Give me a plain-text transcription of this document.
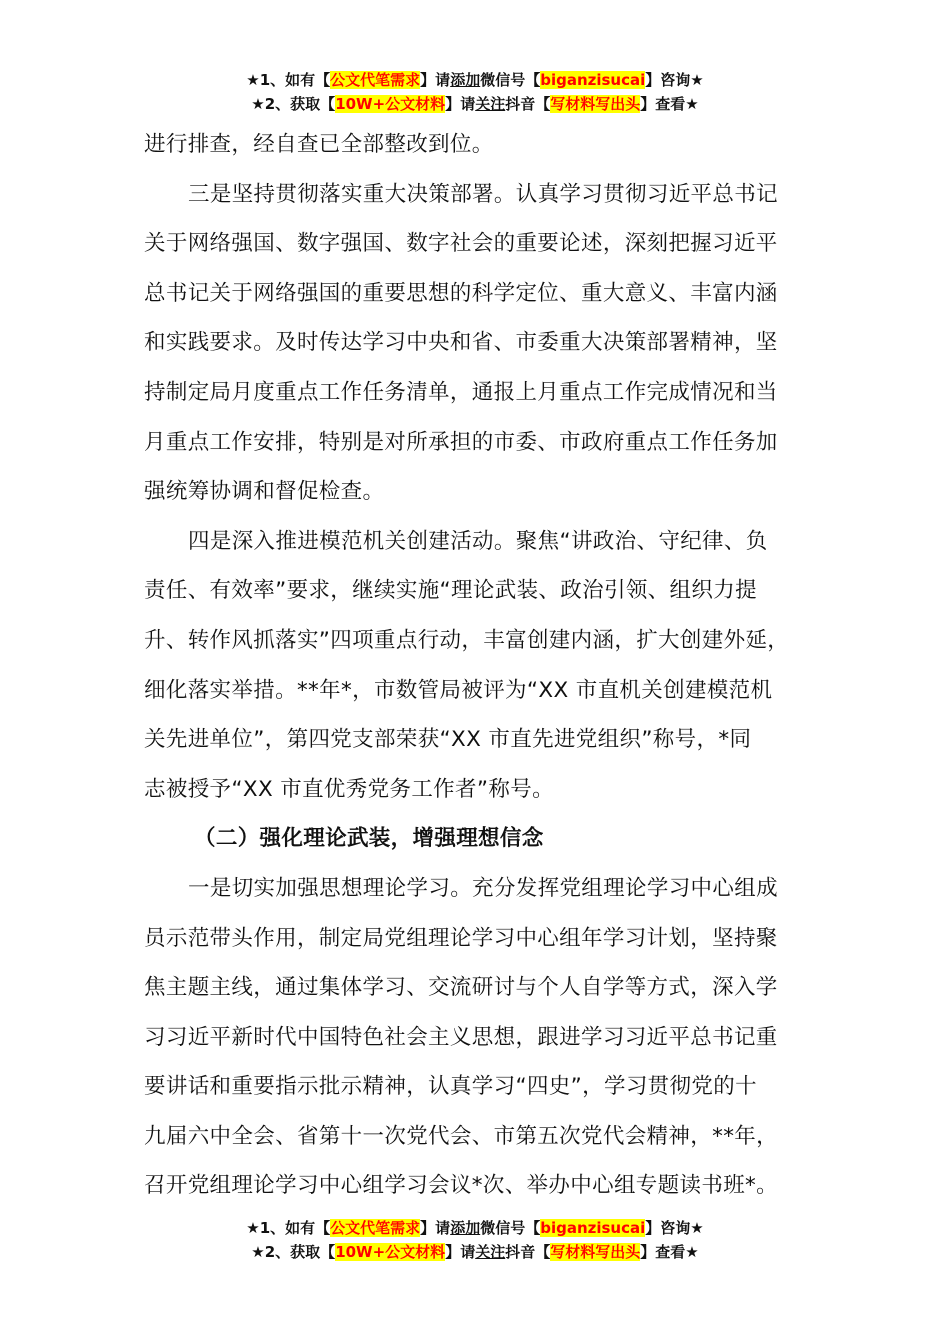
★1、如有【公文代笔需求】请添加微信号【biganzisucai】咨询★
★2、获取【10W+公文材料】请关注抖音【写材料写出头】查看★
进行排查，经自查已全部整改到位。
三是坚持贯彻落实重大决策部署。认真学习贯彻习近平总书记
关于网络强国、数字强国、数字社会的重要论述，深刻把握习近平
总书记关于网络强国的重要思想的科学定位、重大意义、丰富内涵
和实践要求。及时传达学习中央和省、市委重大决策部署精神，坚
持制定局月度重点工作任务清单，通报上月重点工作完成情况和当
月重点工作安排，特别是对所承担的市委、市政府重点工作任务加
强统筹协调和督促检查。
四是深入推进模范机关创建活动。聚焦“讲政治、守纪律、负
责任、有效率”要求，继续实施“理论武装、政治引领、组织力提
升、转作风抓落实”四项重点行动，丰富创建内涵，扩大创建外延，
细化落实举措。**年*，市数管局被评为“XX 市直机关创建模范机
关先进单位”，第四党支部荣获“XX 市直先进党组织”称号，*同
志被授予“XX 市直优秀党务工作者”称号。
（二）强化理论武装，增强理想信念
一是切实加强思想理论学习。充分发挥党组理论学习中心组成
员示范带头作用，制定局党组理论学习中心组年学习计划，坚持聚
焦主题主线，通过集体学习、交流研讨与个人自学等方式，深入学
习习近平新时代中国特色社会主义思想，跟进学习习近平总书记重
要讲话和重要指示批示精神，认真学习“四史”，学习贯彻党的十
九届六中全会、省第十一次党代会、市第五次党代会精神，**年，
召开党组理论学习中心组学习会议*次、举办中心组专题读书班*。
★1、如有【公文代笔需求】请添加微信号【biganzisucai】咨询★
★2、获取【10W+公文材料】请关注抖音【写材料写出头】查看★
